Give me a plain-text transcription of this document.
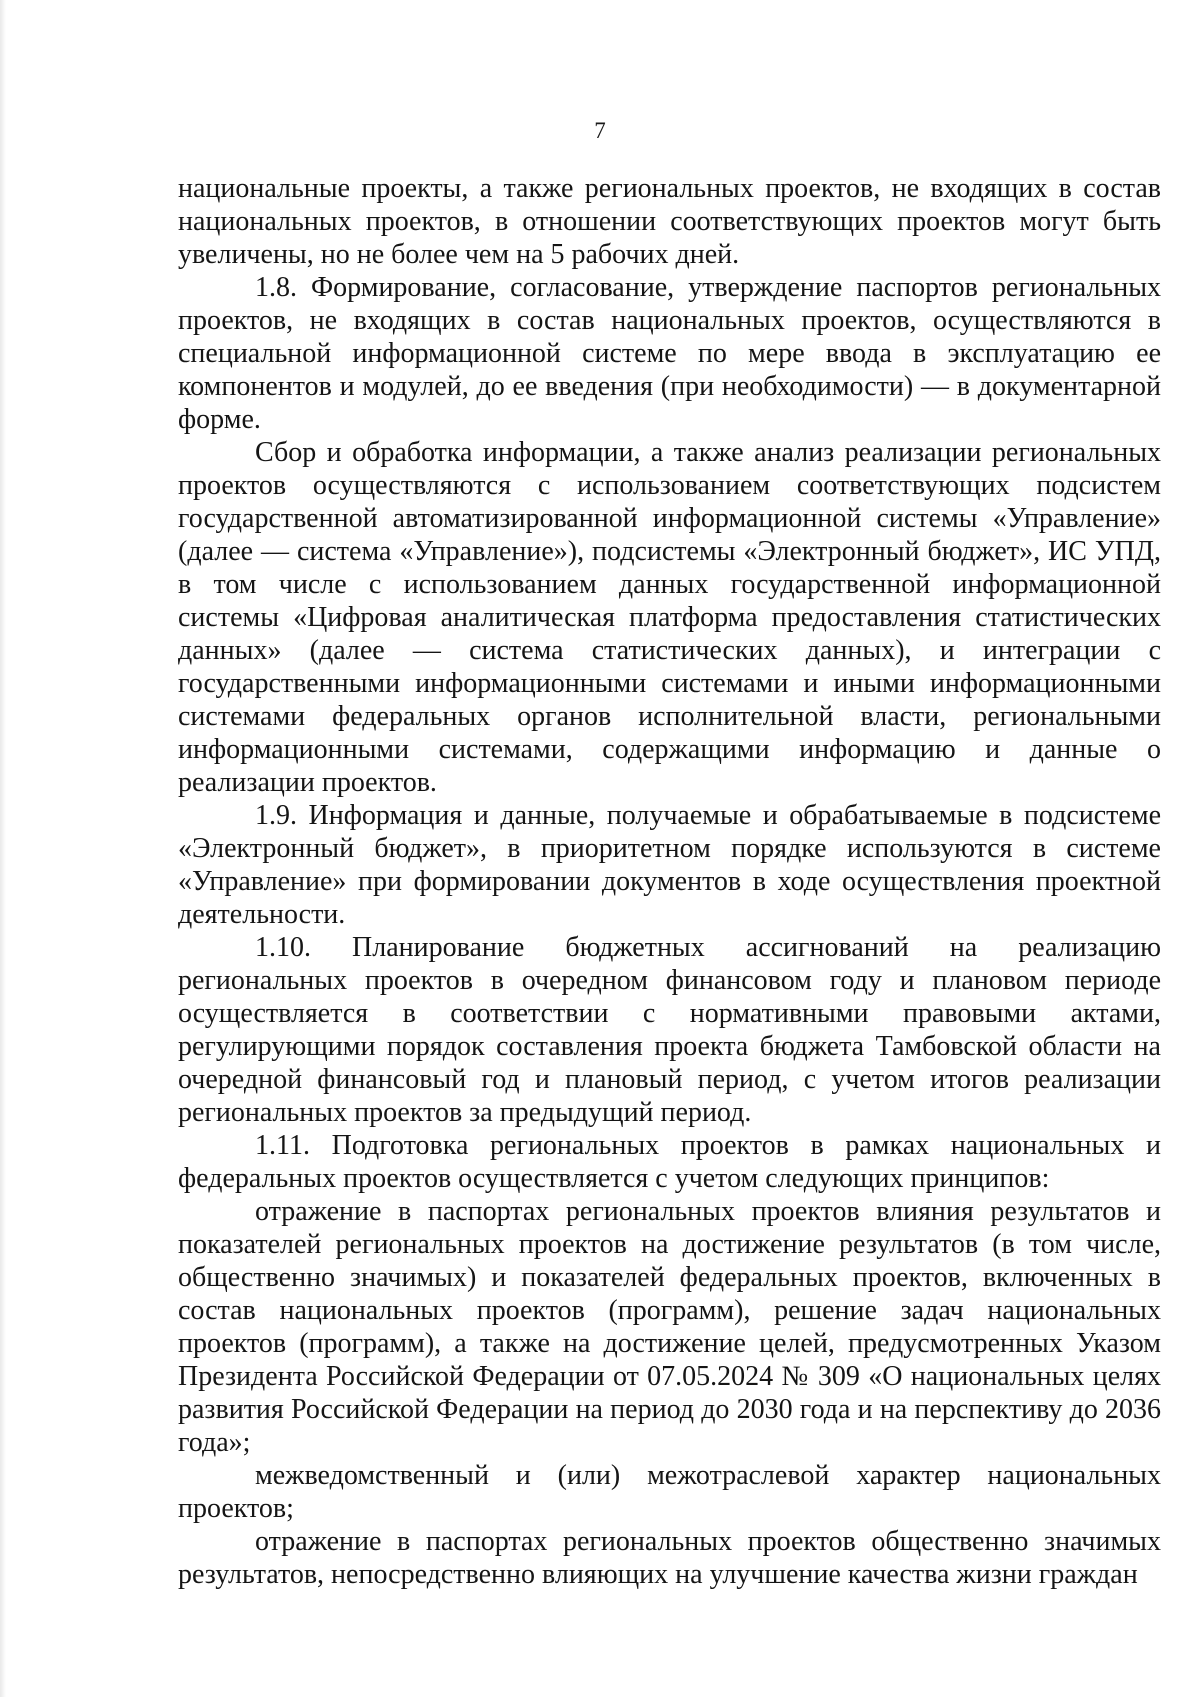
7

национальные проекты, а также региональных проектов, не входящих в состав национальных проектов, в отношении соответствующих проектов могут быть увеличены, но не более чем на 5 рабочих дней.

1.8. Формирование, согласование, утверждение паспортов региональных проектов, не входящих в состав национальных проектов, осуществляются в специальной информационной системе по мере ввода в эксплуатацию ее компонентов и модулей, до ее введения (при необходимости) — в документарной форме.

Сбор и обработка информации, а также анализ реализации региональных проектов осуществляются с использованием соответствующих подсистем государственной автоматизированной информационной системы «Управление» (далее — система «Управление»), подсистемы «Электронный бюджет», ИС УПД, в том числе с использованием данных государственной информационной системы «Цифровая аналитическая платформа предоставления статистических данных» (далее — система статистических данных), и интеграции с государственными информационными системами и иными информационными системами федеральных органов исполнительной власти, региональными информационными системами, содержащими информацию и данные о реализации проектов.

1.9. Информация и данные, получаемые и обрабатываемые в подсистеме «Электронный бюджет», в приоритетном порядке используются в системе «Управление» при формировании документов в ходе осуществления проектной деятельности.

1.10. Планирование бюджетных ассигнований на реализацию региональных проектов в очередном финансовом году и плановом периоде осуществляется в соответствии с нормативными правовыми актами, регулирующими порядок составления проекта бюджета Тамбовской области на очередной финансовый год и плановый период, с учетом итогов реализации региональных проектов за предыдущий период.

1.11. Подготовка региональных проектов в рамках национальных и федеральных проектов осуществляется с учетом следующих принципов:

отражение в паспортах региональных проектов влияния результатов и показателей региональных проектов на достижение результатов (в том числе, общественно значимых) и показателей федеральных проектов, включенных в состав национальных проектов (программ), решение задач национальных проектов (программ), а также на достижение целей, предусмотренных Указом Президента Российской Федерации от 07.05.2024 № 309 «О национальных целях развития Российской Федерации на период до 2030 года и на перспективу до 2036 года»;

межведомственный и (или) межотраслевой характер национальных проектов;

отражение в паспортах региональных проектов общественно значимых результатов, непосредственно влияющих на улучшение качества жизни граждан
